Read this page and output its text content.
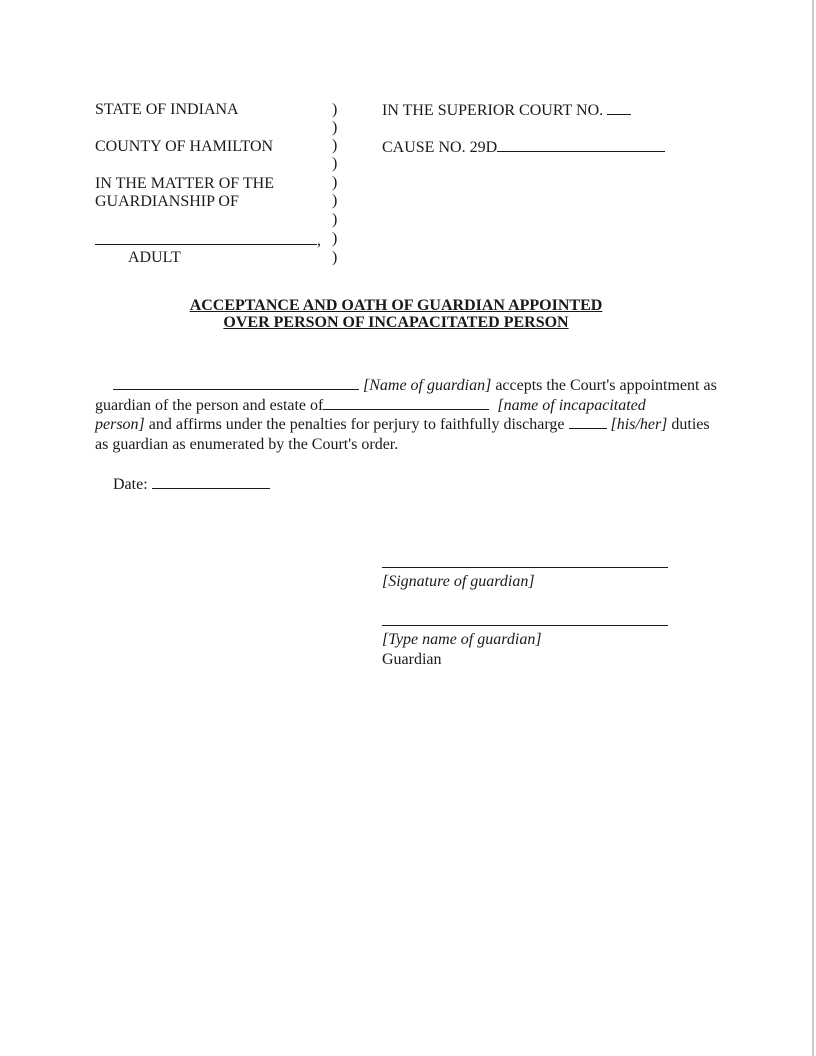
STATE OF INDIANA
COUNTY OF HAMILTON
IN THE MATTER OF THE
GUARDIANSHIP OF
,
ADULT
)
)
)
)
)
)
)
)
)
IN THE SUPERIOR COURT NO.
CAUSE NO. 29D
ACCEPTANCE AND OATH OF GUARDIAN APPOINTED
OVER PERSON OF INCAPACITATED PERSON
[Name of guardian] accepts the Court's appointment as
guardian of the person and estate of	[name of incapacitated
person] and affirms under the penalties for perjury to faithfully discharge	[his/her] duties
as guardian as enumerated by the Court's order.
Date:
[Signature of guardian]
[Type name of guardian]
Guardian
